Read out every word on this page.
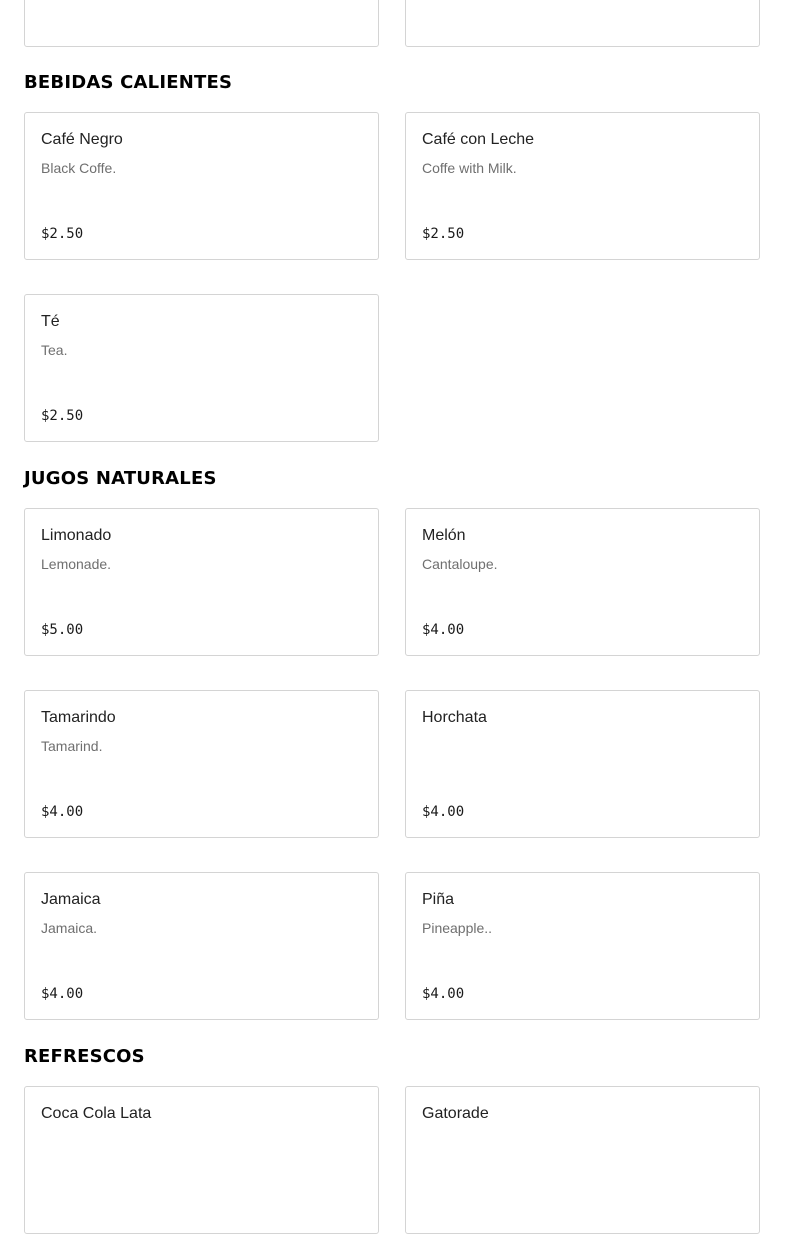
BEBIDAS CALIENTES
Café Negro
Black Coffe.
$2.50
Café con Leche
Coffe with Milk.
$2.50
Té
Tea.
$2.50
JUGOS NATURALES
Limonado
Lemonade.
$5.00
Melón
Cantaloupe.
$4.00
Tamarindo
Tamarind.
$4.00
Horchata
$4.00
Jamaica
Jamaica.
$4.00
Piña
Pineapple..
$4.00
REFRESCOS
Coca Cola Lata	Gatorade
